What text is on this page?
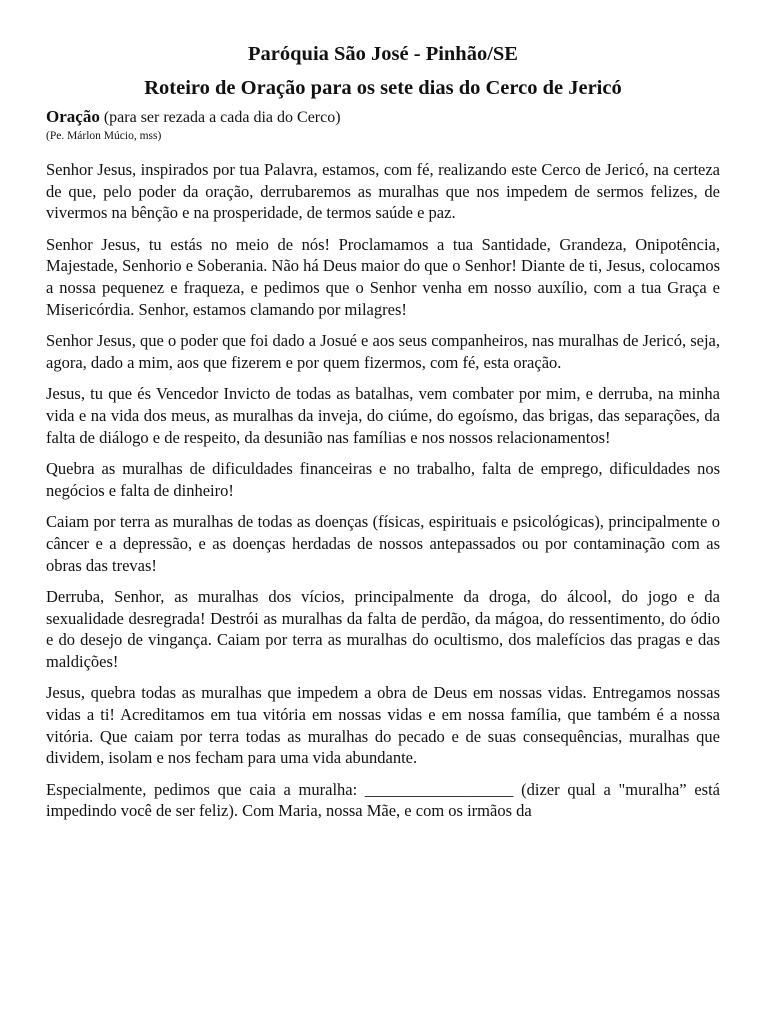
Paróquia São José - Pinhão/SE
Roteiro de Oração para os sete dias do Cerco de Jericó

Oração (para ser rezada a cada dia do Cerco)

(Pe. Márlon Múcio, mss)

Senhor Jesus, inspirados por tua Palavra, estamos, com fé, realizando este Cerco de Jericó, na certeza de que, pelo poder da oração, derrubaremos as muralhas que nos impedem de sermos felizes, de vivermos na bênção e na prosperidade, de termos saúde e paz.

Senhor Jesus, tu estás no meio de nós! Proclamamos a tua Santidade, Grandeza, Onipotência, Majestade, Senhorio e Soberania. Não há Deus maior do que o Senhor! Diante de ti, Jesus, colocamos a nossa pequenez e fraqueza, e pedimos que o Senhor venha em nosso auxílio, com a tua Graça e Misericórdia. Senhor, estamos clamando por milagres!

Senhor Jesus, que o poder que foi dado a Josué e aos seus companheiros, nas muralhas de Jericó, seja, agora, dado a mim, aos que fizerem e por quem fizermos, com fé, esta oração.

Jesus, tu que és Vencedor Invicto de todas as batalhas, vem combater por mim, e derruba, na minha vida e na vida dos meus, as muralhas da inveja, do ciúme, do egoísmo, das brigas, das separações, da falta de diálogo e de respeito, da desunião nas famílias e nos nossos relacionamentos!

Quebra as muralhas de dificuldades financeiras e no trabalho, falta de emprego, dificuldades nos negócios e falta de dinheiro!

Caiam por terra as muralhas de todas as doenças (físicas, espirituais e psicológicas), principalmente o câncer e a depressão, e as doenças herdadas de nossos antepassados ou por contaminação com as obras das trevas!

Derruba, Senhor, as muralhas dos vícios, principalmente da droga, do álcool, do jogo e da sexualidade desregrada! Destrói as muralhas da falta de perdão, da mágoa, do ressentimento, do ódio e do desejo de vingança. Caiam por terra as muralhas do ocultismo, dos malefícios das pragas e das maldições!

Jesus, quebra todas as muralhas que impedem a obra de Deus em nossas vidas. Entregamos nossas vidas a ti! Acreditamos em tua vitória em nossas vidas e em nossa família, que também é a nossa vitória. Que caiam por terra todas as muralhas do pecado e de suas consequências, muralhas que dividem, isolam e nos fecham para uma vida abundante.

Especialmente, pedimos que caia a muralha: __________________ (dizer qual a "muralha” está impedindo você de ser feliz). Com Maria, nossa Mãe, e com os irmãos da
